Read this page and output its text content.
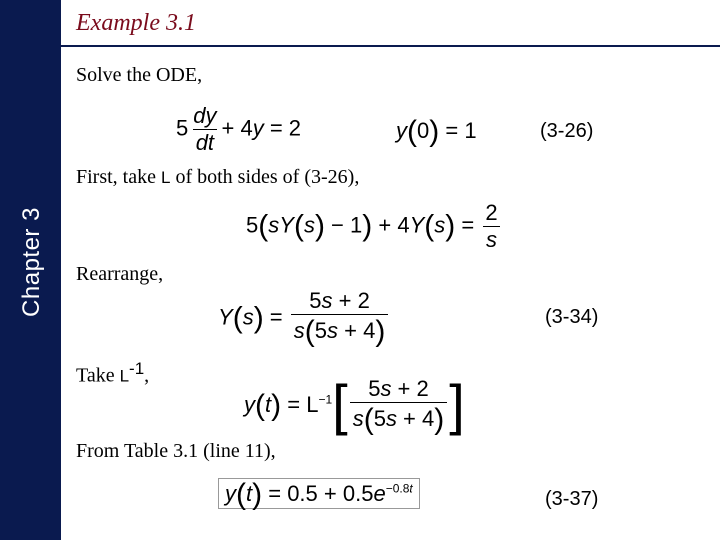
Chapter 3
Example 3.1
Solve the ODE,
$5 \frac{dy}{dt} + 4y = 2$	y(0) = 1	(3-26)
First, take L of both sides of (3-26),
$5(sY(s) - 1) + 4Y(s) = \frac{2}{s}$
Rearrange,
$Y(s) = \frac{5s + 2}{s(5s + 4)}$	(3-34)
Take $L^{-1}$,
$y(t) = L^{-1}[ \frac{5s + 2}{s(5s + 4)}$ ]
From Table 3.1 (line 11),
$y(t) = 0.5 + 0.5e^{-0.8t}$	(3-37)
